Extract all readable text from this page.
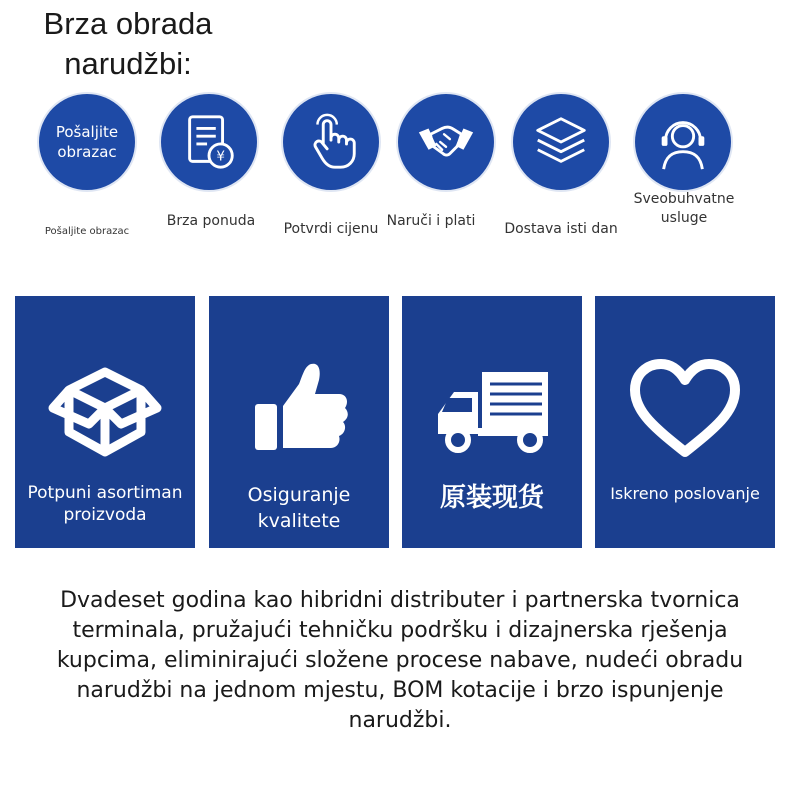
Brza obrada narudžbi:
Pošaljite obrazac
Pošaljite obrazac
¥
Brza ponuda	Potvrdi cijenu Naruči i plati	Dostava isti dan
Sveobuhvatne usluge
Potpuni asortiman proizvoda
Osiguranje kvalitete
原装现货	Iskreno poslovanje
Dvadeset godina kao hibridni distributer i partnerska tvornica terminala, pružajući tehničku podršku i dizajnerska rješenja kupcima, eliminirajući složene procese nabave, nudeći obradu narudžbi na jednom mjestu, BOM kotacije i brzo ispunjenje narudžbi.
